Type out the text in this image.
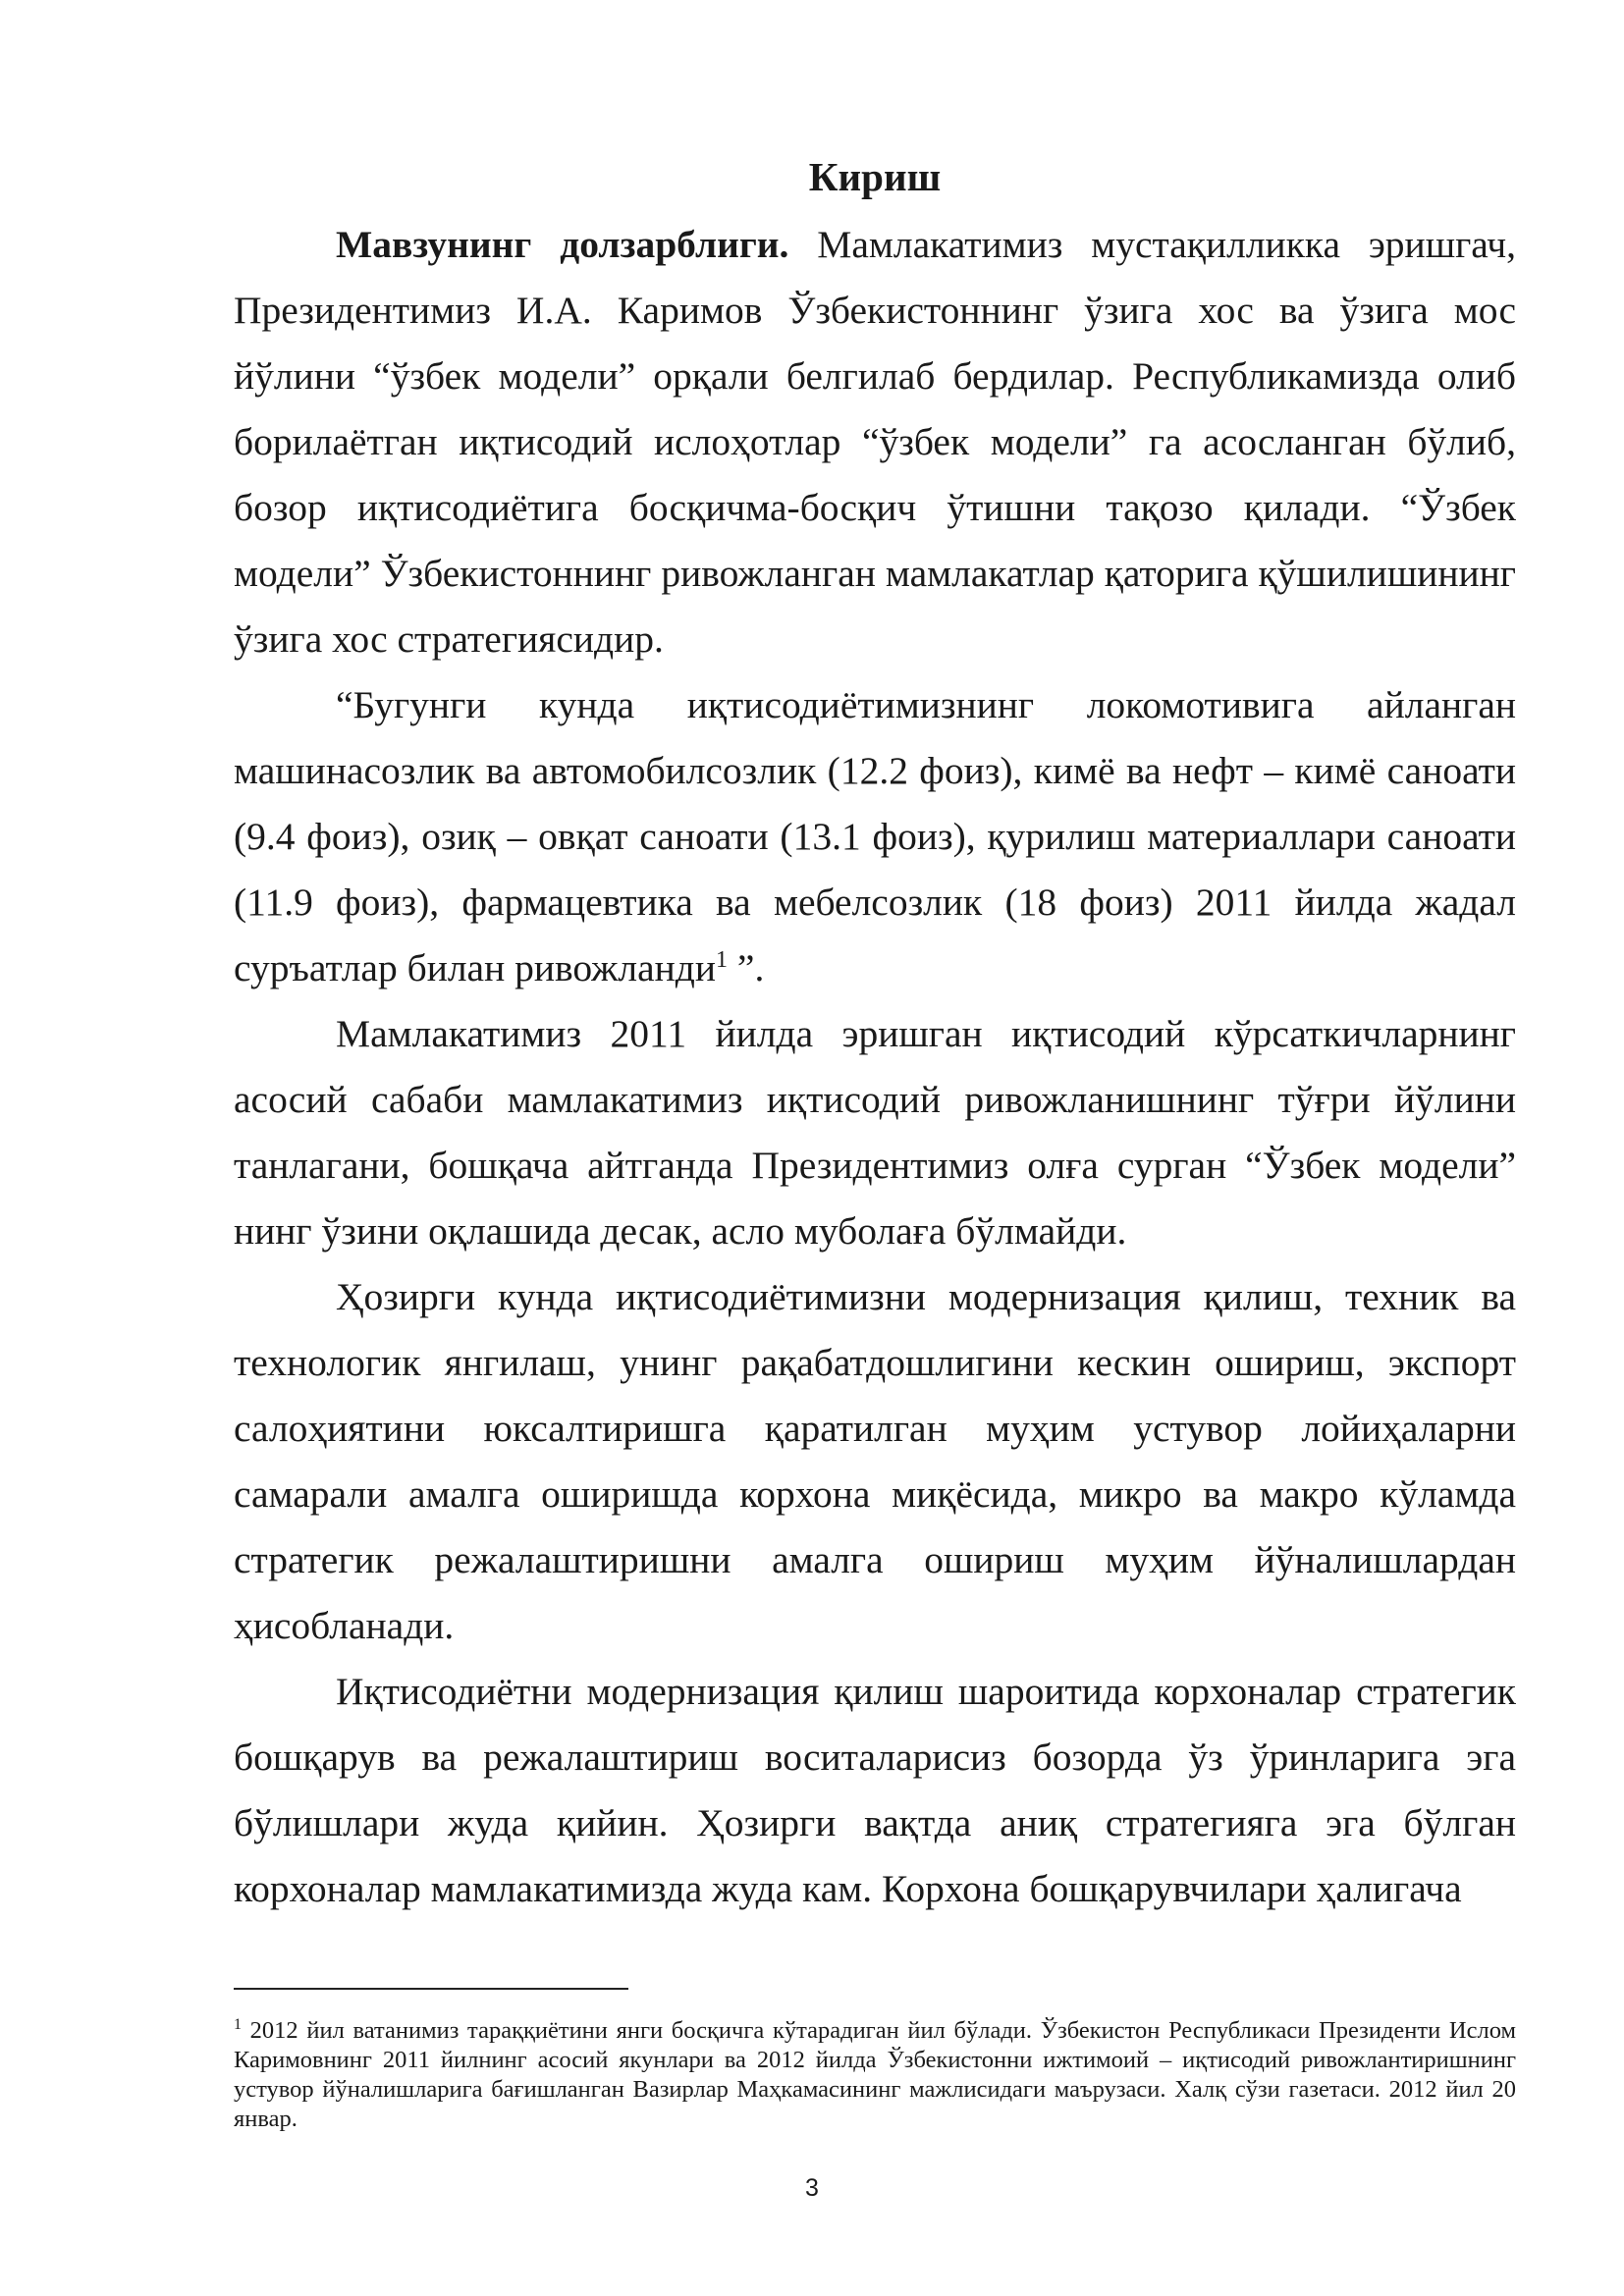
Кириш

Мавзунинг долзарблиги. Мамлакатимиз мустақилликка эришгач, Президентимиз И.А. Каримов Ўзбекистоннинг ўзига хос ва ўзига мос йўлини “ўзбек модели” орқали белгилаб бердилар. Республикамизда олиб борилаётган иқтисодий ислоҳотлар “ўзбек модели” га асосланган бўлиб, бозор иқтисодиётига босқичма-босқич ўтишни тақозо қилади. “Ўзбек модели” Ўзбекистоннинг ривожланган мамлакатлар қаторига қўшилишининг ўзига хос стратегиясидир.

“Бугунги кунда иқтисодиётимизнинг локомотивига айланган машинасозлик ва автомобилсозлик (12.2 фоиз), кимё ва нефт – кимё саноати (9.4 фоиз), озиқ – овқат саноати (13.1 фоиз), қурилиш материаллари саноати (11.9 фоиз), фармацевтика ва мебелсозлик (18 фоиз) 2011 йилда жадал суръатлар билан ривожланди$^1$ ”.

Мамлакатимиз 2011 йилда эришган иқтисодий кўрсаткичларнинг асосий сабаби мамлакатимиз иқтисодий ривожланишнинг тўғри йўлини танлагани, бошқача айтганда Президентимиз олға сурган “Ўзбек модели” нинг ўзини оқлашида десак, асло муболаға бўлмайди.

Ҳозирги кунда иқтисодиётимизни модернизация қилиш, техник ва технологик янгилаш, унинг рақабатдошлигини кескин ошириш, экспорт салоҳиятини юксалтиришга қаратилган муҳим устувор лойиҳаларни самарали амалга оширишда корхона миқёсида, микро ва макро кўламда стратегик режалаштиришни амалга ошириш муҳим йўналишлардан ҳисобланади.

Иқтисодиётни модернизация қилиш шароитида корхоналар стратегик бошқарув ва режалаштириш воситаларисиз бозорда ўз ўринларига эга бўлишлари жуда қийин. Ҳозирги вақтда аниқ стратегияга эга бўлган корхоналар мамлакатимизда жуда кам. Корхона бошқарувчилари ҳалигача

$^1$ 2012 йил ватанимиз тараққиётини янги босқичга кўтарадиган йил бўлади. Ўзбекистон Республикаси Президенти Ислом Каримовнинг 2011 йилнинг асосий якунлари ва 2012 йилда Ўзбекистонни ижтимоий – иқтисодий ривожлантиришнинг устувор йўналишларига бағишланган Вазирлар Маҳкамасининг мажлисидаги маърузаси. Халқ сўзи газетаси. 2012 йил 20 январ.

3
